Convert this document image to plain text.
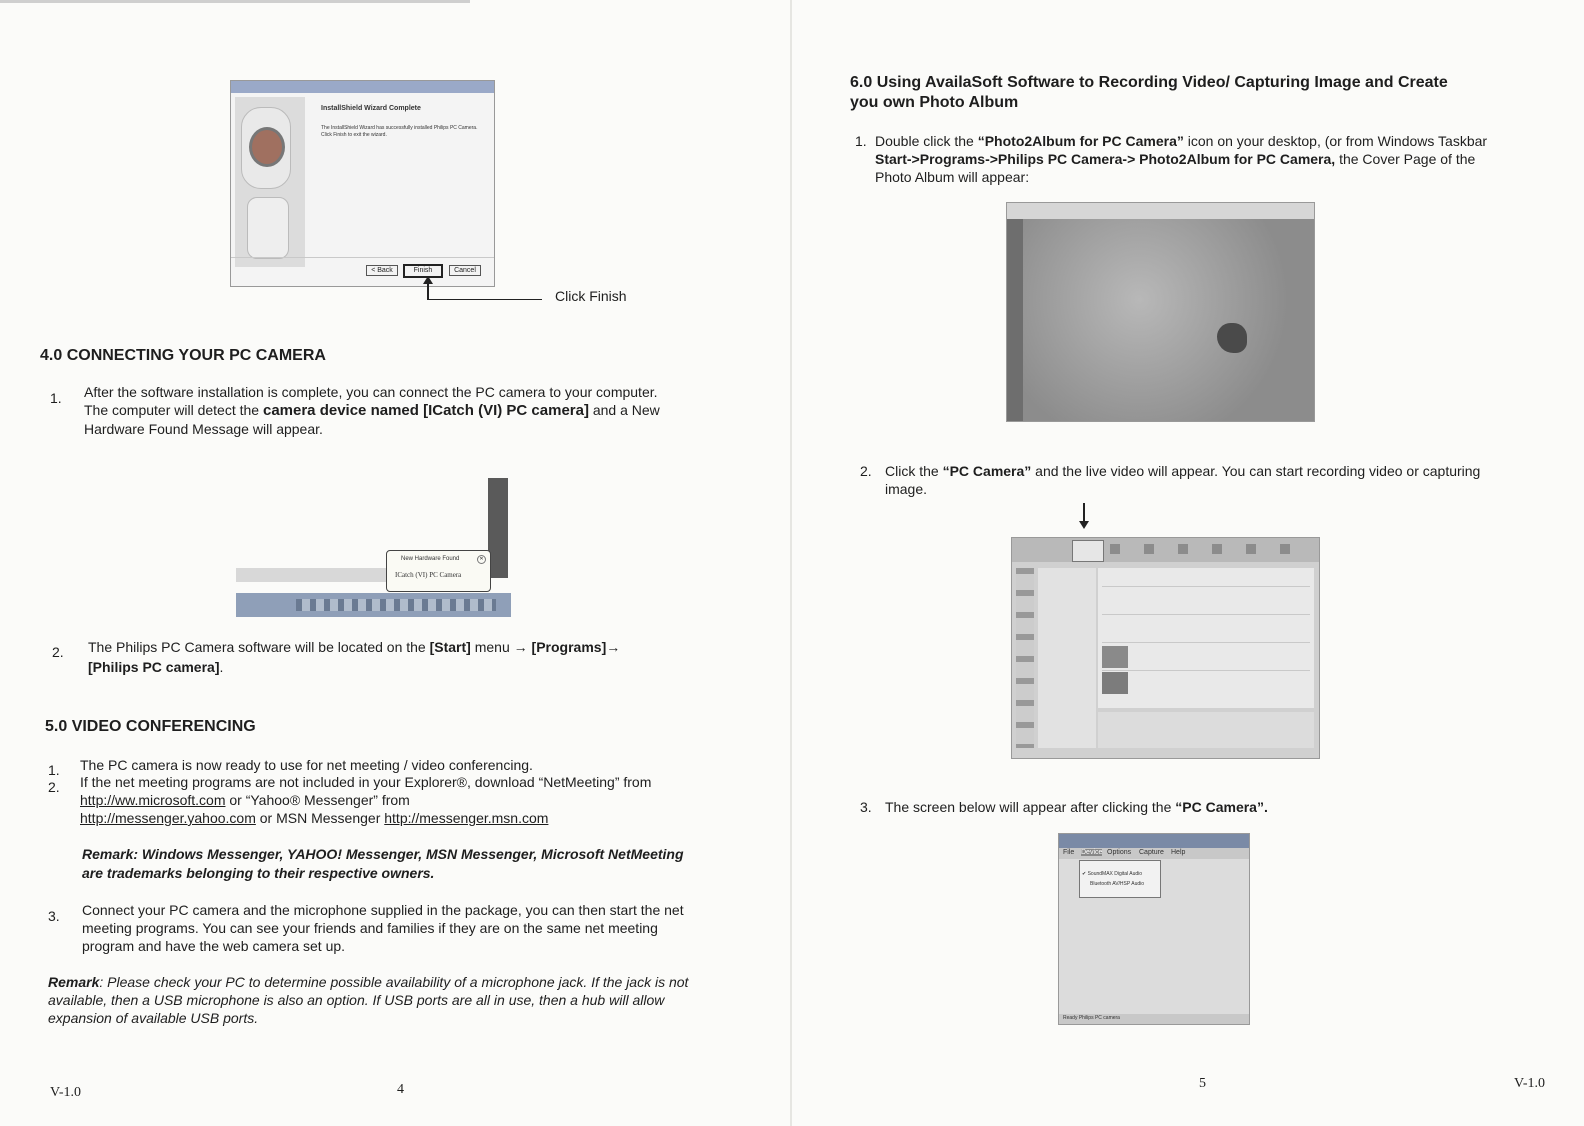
InstallShield Wizard Complete
The InstallShield Wizard has successfully installed Philips PC Camera. Click Finish to exit the wizard.
< Back	Finish	Cancel
Click Finish
4.0 CONNECTING YOUR PC CAMERA
1. After the software installation is complete, you can connect the PC camera to your computer. The computer will detect the camera device named [ICatch (VI) PC camera] and a New Hardware Found Message will appear.
New Hardware Found	✕
ICatch (VI) PC Camera
2. The Philips PC Camera software will be located on the [Start] menu → [Programs]→
[Philips PC camera].
5.0 VIDEO CONFERENCING
1. The PC camera is now ready to use for net meeting / video conferencing.
2. If the net meeting programs are not included in your Explorer®, download “NetMeeting” from http://ww.microsoft.com or “Yahoo® Messenger” from
http://messenger.yahoo.com or MSN Messenger http://messenger.msn.com
Remark: Windows Messenger, YAHOO! Messenger, MSN Messenger, Microsoft NetMeeting are trademarks belonging to their respective owners.
3. Connect your PC camera and the microphone supplied in the package, you can then start the net meeting programs. You can see your friends and families if they are on the same net meeting program and have the web camera set up.
Remark: Please check your PC to determine possible availability of a microphone jack. If the jack is not available, then a USB microphone is also an option. If USB ports are all in use, then a hub will allow expansion of available USB ports.
V-1.0	4
6.0 Using AvailaSoft Software to Recording Video/ Capturing Image and Create you own Photo Album
1. Double click the “Photo2Album for PC Camera” icon on your desktop, (or from Windows Taskbar Start->Programs->Philips PC Camera-> Photo2Album for PC Camera, the Cover Page of the Photo Album will appear:
2. Click the “PC Camera” and the live video will appear. You can start recording video or capturing image.
3. The screen below will appear after clicking the “PC Camera”.
File Device Options Capture Help
✔ SoundMAX Digital Audio
Bluetooth AV/HSP Audio
Ready Philips PC camera
5	V-1.0
